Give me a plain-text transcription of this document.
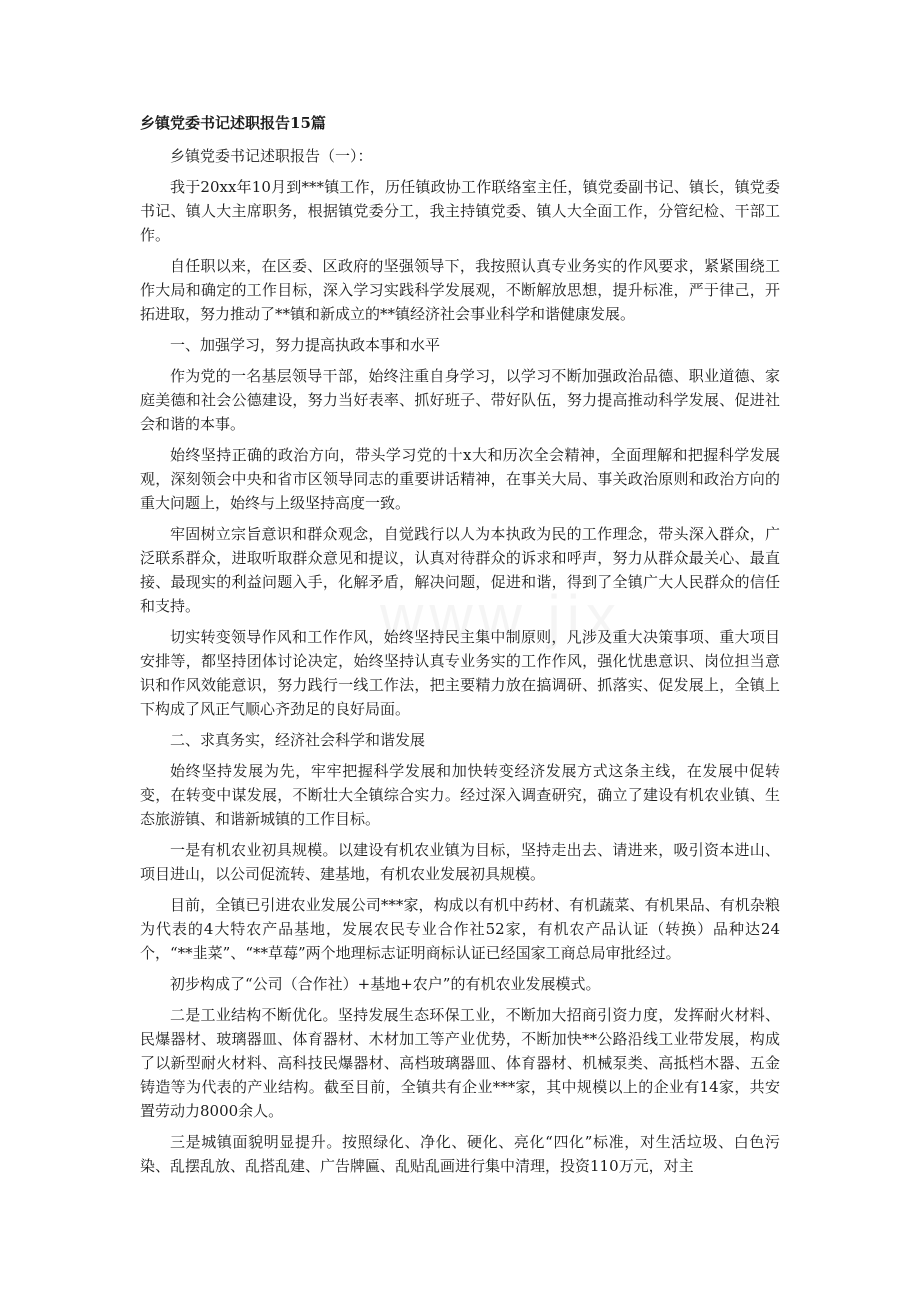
乡镇党委书记述职报告15篇

乡镇党委书记述职报告（一）：

我于20xx年10月到***镇工作，历任镇政协工作联络室主任，镇党委副书记、镇长，镇党委书记、镇人大主席职务，根据镇党委分工，我主持镇党委、镇人大全面工作，分管纪检、干部工作。

自任职以来，在区委、区政府的坚强领导下，我按照认真专业务实的作风要求，紧紧围绕工作大局和确定的工作目标，深入学习实践科学发展观，不断解放思想，提升标准，严于律己，开拓进取，努力推动了**镇和新成立的**镇经济社会事业科学和谐健康发展。

一、加强学习，努力提高执政本事和水平

作为党的一名基层领导干部，始终注重自身学习，以学习不断加强政治品德、职业道德、家庭美德和社会公德建设，努力当好表率、抓好班子、带好队伍，努力提高推动科学发展、促进社会和谐的本事。

始终坚持正确的政治方向，带头学习党的十x大和历次全会精神，全面理解和把握科学发展观，深刻领会中央和省市区领导同志的重要讲话精神，在事关大局、事关政治原则和政治方向的重大问题上，始终与上级坚持高度一致。

牢固树立宗旨意识和群众观念，自觉践行以人为本执政为民的工作理念，带头深入群众，广泛联系群众，进取听取群众意见和提议，认真对待群众的诉求和呼声，努力从群众最关心、最直接、最现实的利益问题入手，化解矛盾，解决问题，促进和谐，得到了全镇广大人民群众的信任和支持。

切实转变领导作风和工作作风，始终坚持民主集中制原则，凡涉及重大决策事项、重大项目安排等，都坚持团体讨论决定，始终坚持认真专业务实的工作作风，强化忧患意识、岗位担当意识和作风效能意识，努力践行一线工作法，把主要精力放在搞调研、抓落实、促发展上，全镇上下构成了风正气顺心齐劲足的良好局面。

二、求真务实，经济社会科学和谐发展

始终坚持发展为先，牢牢把握科学发展和加快转变经济发展方式这条主线，在发展中促转变，在转变中谋发展，不断壮大全镇综合实力。经过深入调查研究，确立了建设有机农业镇、生态旅游镇、和谐新城镇的工作目标。

一是有机农业初具规模。以建设有机农业镇为目标，坚持走出去、请进来，吸引资本进山、项目进山，以公司促流转、建基地，有机农业发展初具规模。

目前，全镇已引进农业发展公司***家，构成以有机中药材、有机蔬菜、有机果品、有机杂粮为代表的4大特农产品基地，发展农民专业合作社52家，有机农产品认证（转换）品种达24个，“**韭菜”、“**草莓”两个地理标志证明商标认证已经国家工商总局审批经过。

初步构成了“公司（合作社）+基地+农户”的有机农业发展模式。

二是工业结构不断优化。坚持发展生态环保工业，不断加大招商引资力度，发挥耐火材料、民爆器材、玻璃器皿、体育器材、木材加工等产业优势，不断加快**公路沿线工业带发展，构成了以新型耐火材料、高科技民爆器材、高档玻璃器皿、体育器材、机械泵类、高抵档木器、五金铸造等为代表的产业结构。截至目前，全镇共有企业***家，其中规模以上的企业有14家，共安置劳动力8000余人。

三是城镇面貌明显提升。按照绿化、净化、硬化、亮化“四化”标准，对生活垃圾、白色污染、乱摆乱放、乱搭乱建、广告牌匾、乱贴乱画进行集中清理，投资110万元，对主
